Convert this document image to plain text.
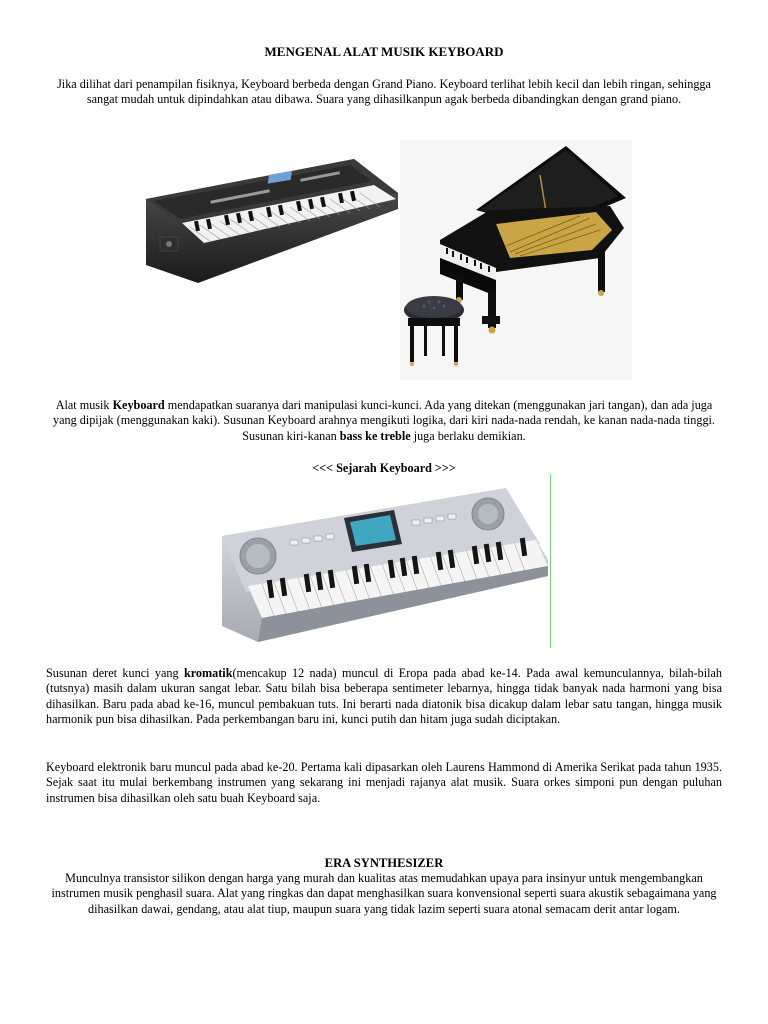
MENGENAL ALAT MUSIK KEYBOARD
Jika dilihat dari penampilan fisiknya, Keyboard berbeda dengan Grand Piano. Keyboard terlihat lebih kecil dan lebih ringan, sehingga sangat mudah untuk dipindahkan atau dibawa. Suara yang dihasilkanpun agak berbeda dibandingkan dengan grand piano.
Alat musik Keyboard mendapatkan suaranya dari manipulasi kunci-kunci. Ada yang ditekan (menggunakan jari tangan), dan ada juga yang dipijak (menggunakan kaki). Susunan Keyboard arahnya mengikuti logika, dari kiri nada-nada rendah, ke kanan nada-nada tinggi. Susunan kiri-kanan bass ke treble juga berlaku demikian.
<<< Sejarah Keyboard >>>
Susunan deret kunci yang kromatik(mencakup 12 nada) muncul di Eropa pada abad ke-14. Pada awal kemunculannya, bilah-bilah (tutsnya) masih dalam ukuran sangat lebar. Satu bilah bisa beberapa sentimeter lebarnya, hingga tidak banyak nada harmoni yang bisa dihasilkan. Baru pada abad ke-16, muncul pembakuan tuts. Ini berarti nada diatonik bisa dicakup dalam lebar satu tangan, hingga musik harmonik pun bisa dihasilkan. Pada perkembangan baru ini, kunci putih dan hitam juga sudah diciptakan.
Keyboard elektronik baru muncul pada abad ke-20. Pertama kali dipasarkan oleh Laurens Hammond di Amerika Serikat pada tahun 1935. Sejak saat itu mulai berkembang instrumen yang sekarang ini menjadi rajanya alat musik. Suara orkes simponi pun dengan puluhan instrumen bisa dihasilkan oleh satu buah Keyboard saja.
ERA SYNTHESIZER
Munculnya transistor silikon dengan harga yang murah dan kualitas atas memudahkan upaya para insinyur untuk mengembangkan instrumen musik penghasil suara. Alat yang ringkas dan dapat menghasilkan suara konvensional seperti suara akustik sebagaimana yang dihasilkan dawai, gendang, atau alat tiup, maupun suara yang tidak lazim seperti suara atonal semacam derit antar logam.
